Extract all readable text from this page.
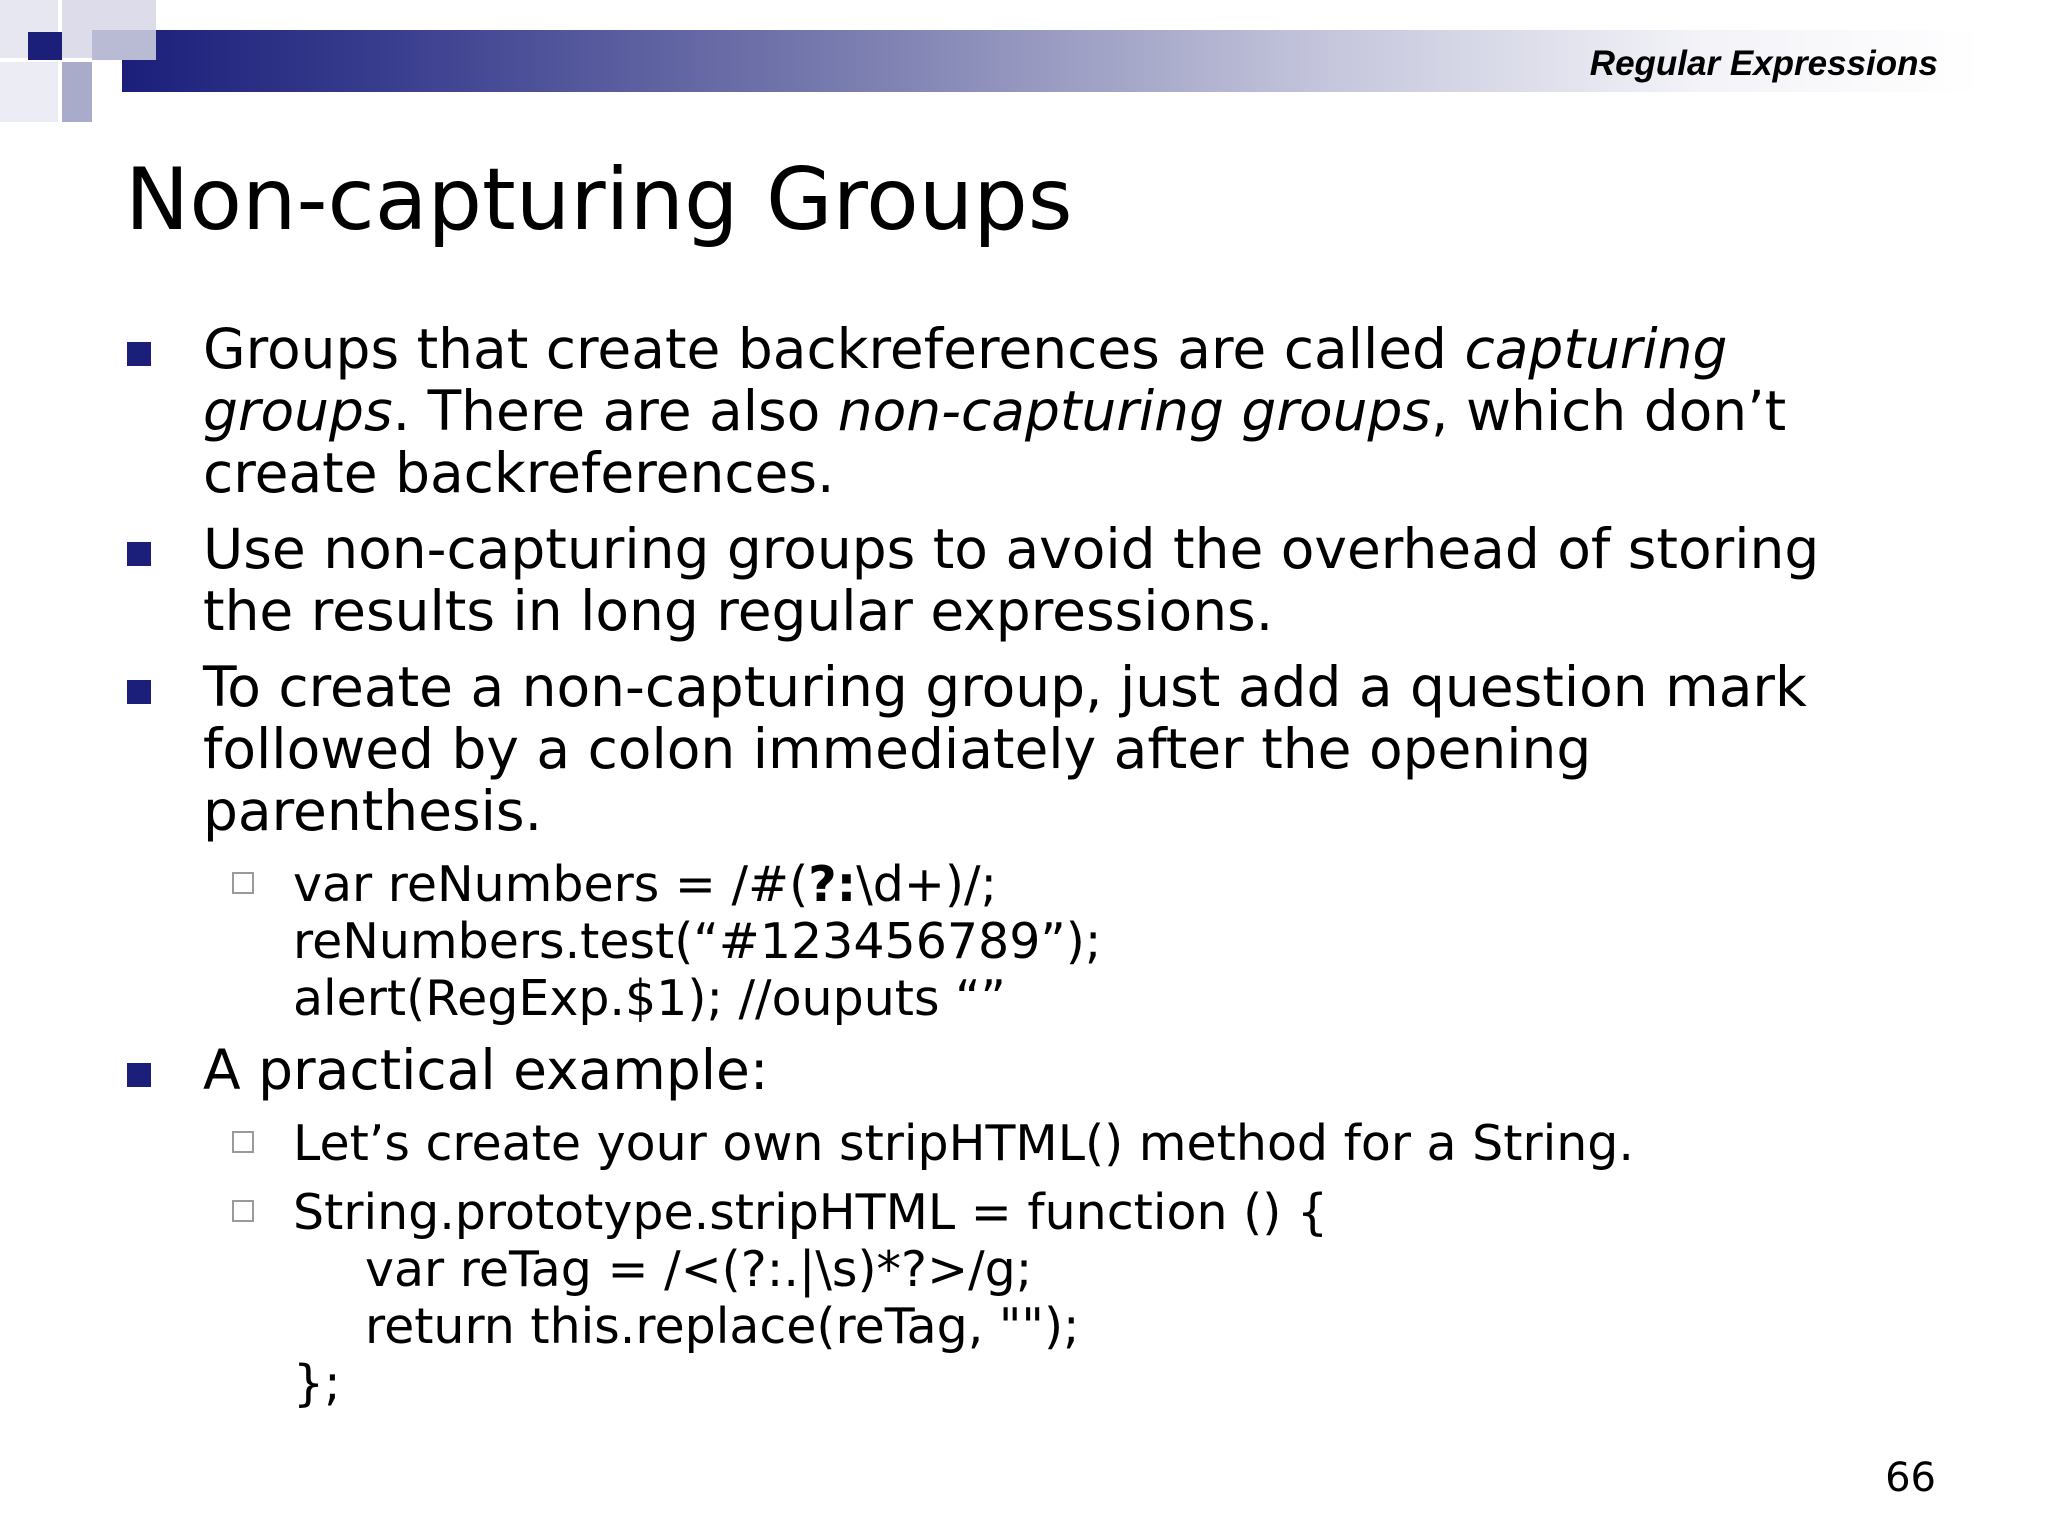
Regular Expressions
Non-capturing Groups
Groups that create backreferences are called capturing
groups. There are also non-capturing groups, which don’t
create backreferences.
Use non-capturing groups to avoid the overhead of storing
the results in long regular expressions.
To create a non-capturing group, just add a question mark
followed by a colon immediately after the opening
parenthesis.
var reNumbers = /#(?:\d+)/;
reNumbers.test(“#123456789”);
alert(RegExp.$1); //ouputs “”
A practical example:
Let’s create your own stripHTML() method for a String.
String.prototype.stripHTML = function () {
var reTag = /<(?:.|\s)*?>/g;
return this.replace(reTag, "");
};
66
